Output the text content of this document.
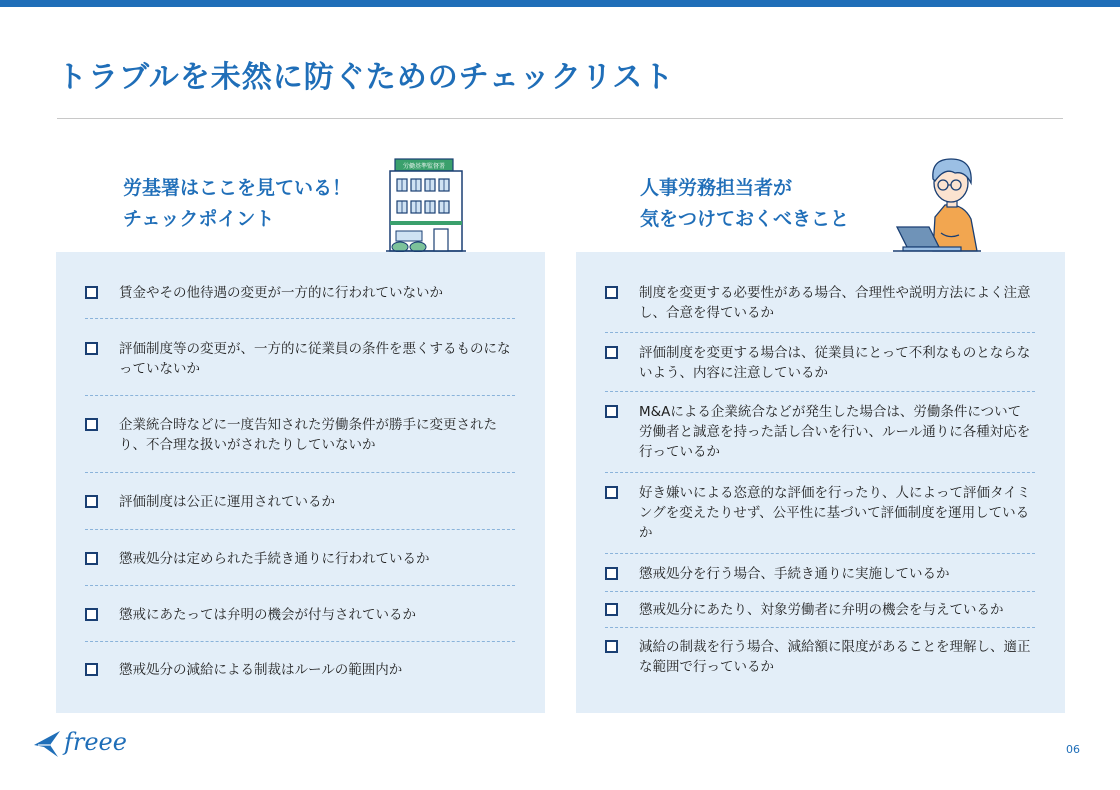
トラブルを未然に防ぐためのチェックリスト
労基署はここを見ている！
チェックポイント
労働基準監督署
人事労務担当者が
気をつけておくべきこと
賃金やその他待遇の変更が一方的に行われていないか
評価制度等の変更が、一方的に従業員の条件を悪くするものになっていないか
企業統合時などに一度告知された労働条件が勝手に変更されたり、不合理な扱いがされたりしていないか
評価制度は公正に運用されているか
懲戒処分は定められた手続き通りに行われているか
懲戒にあたっては弁明の機会が付与されているか
懲戒処分の減給による制裁はルールの範囲内か
制度を変更する必要性がある場合、合理性や説明方法によく注意し、合意を得ているか
評価制度を変更する場合は、従業員にとって不利なものとならないよう、内容に注意しているか
M&Aによる企業統合などが発生した場合は、労働条件について労働者と誠意を持った話し合いを行い、ルール通りに各種対応を行っているか
好き嫌いによる恣意的な評価を行ったり、人によって評価タイミングを変えたりせず、公平性に基づいて評価制度を運用しているか
懲戒処分を行う場合、手続き通りに実施しているか
懲戒処分にあたり、対象労働者に弁明の機会を与えているか
減給の制裁を行う場合、減給額に限度があることを理解し、適正な範囲で行っているか
freee	06
